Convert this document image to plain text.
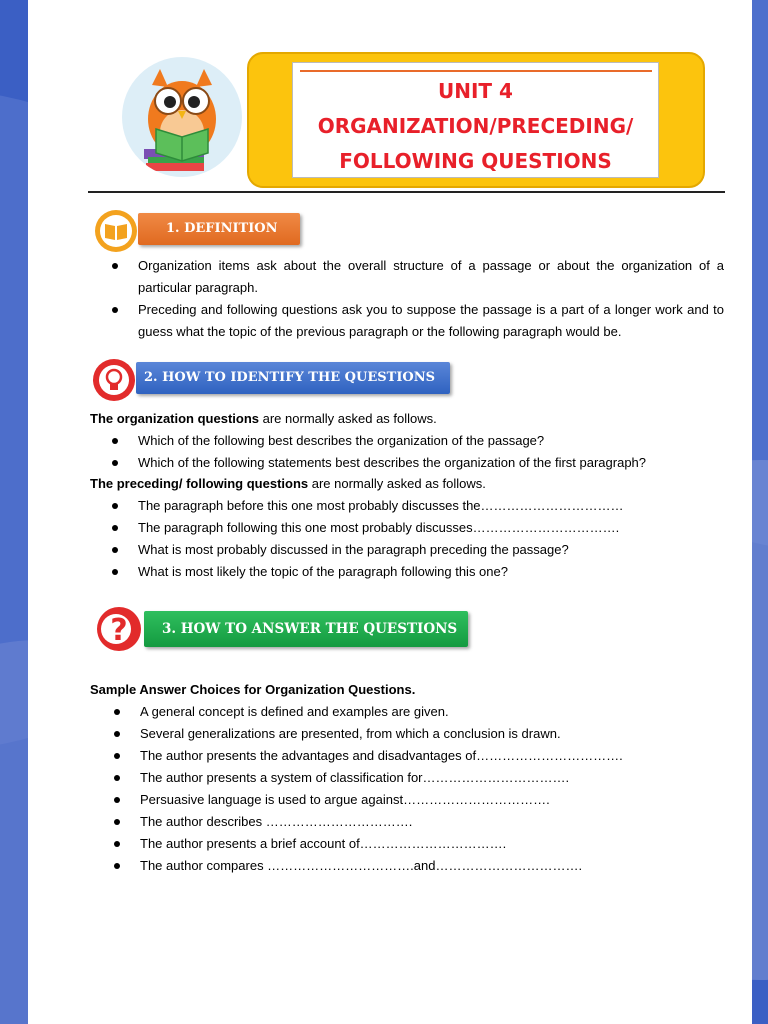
UNIT 4
ORGANIZATION/PRECEDING/
FOLLOWING QUESTIONS
1. DEFINITION
Organization items ask about the overall structure of a passage or about the organization of a particular paragraph.
Preceding and following questions ask you to suppose the passage is a part of a longer work and to guess what the topic of the previous paragraph or the following paragraph would be.
2. HOW TO IDENTIFY THE QUESTIONS
The organization questions are normally asked as follows.
Which of the following best describes the organization of the passage?
Which of the following statements best describes the organization of the first paragraph?
The preceding/ following questions are normally asked as follows.
The paragraph before this one most probably discusses the……………………………
The paragraph following this one most probably discusses…………………………….
What is most probably discussed in the paragraph preceding the passage?
What is most likely the topic of the paragraph following this one?
?	3. HOW TO ANSWER THE QUESTIONS
Sample Answer Choices for Organization Questions.
A general concept is defined and examples are given.
Several generalizations are presented, from which a conclusion is drawn.
The author presents the advantages and disadvantages of…………………………….
The author presents a system of classification for…………………………….
Persuasive language is used to argue against…………………………….
The author describes …………………………….
The author presents a brief account of…………………………….
The author compares …………………………….and…………………………….
